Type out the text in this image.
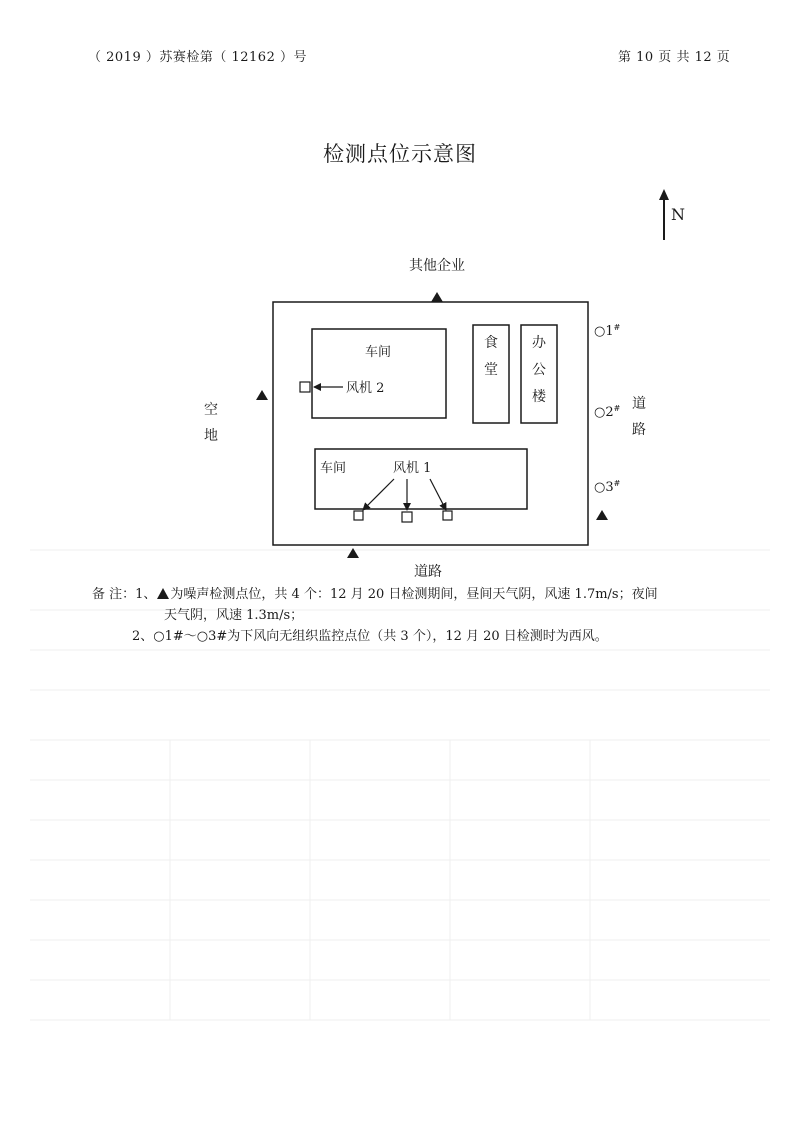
（ 2019 ）苏赛检第（ 12162 ）号	第 10 页 共 12 页
检测点位示意图
N
其他企业
车间
风机 2
食
堂
办
公
楼
车间	风机 1
空
地
○1#
○2#
○3#
道
路
道路
备 注：1、 为噪声检测点位，共 4 个：12 月 20 日检测期间，昼间天气阴，风速 1.7m/s；夜间
天气阴，风速 1.3m/s；
2、○1#～○3#为下风向无组织监控点位（共 3 个），12 月 20 日检测时为西风。
